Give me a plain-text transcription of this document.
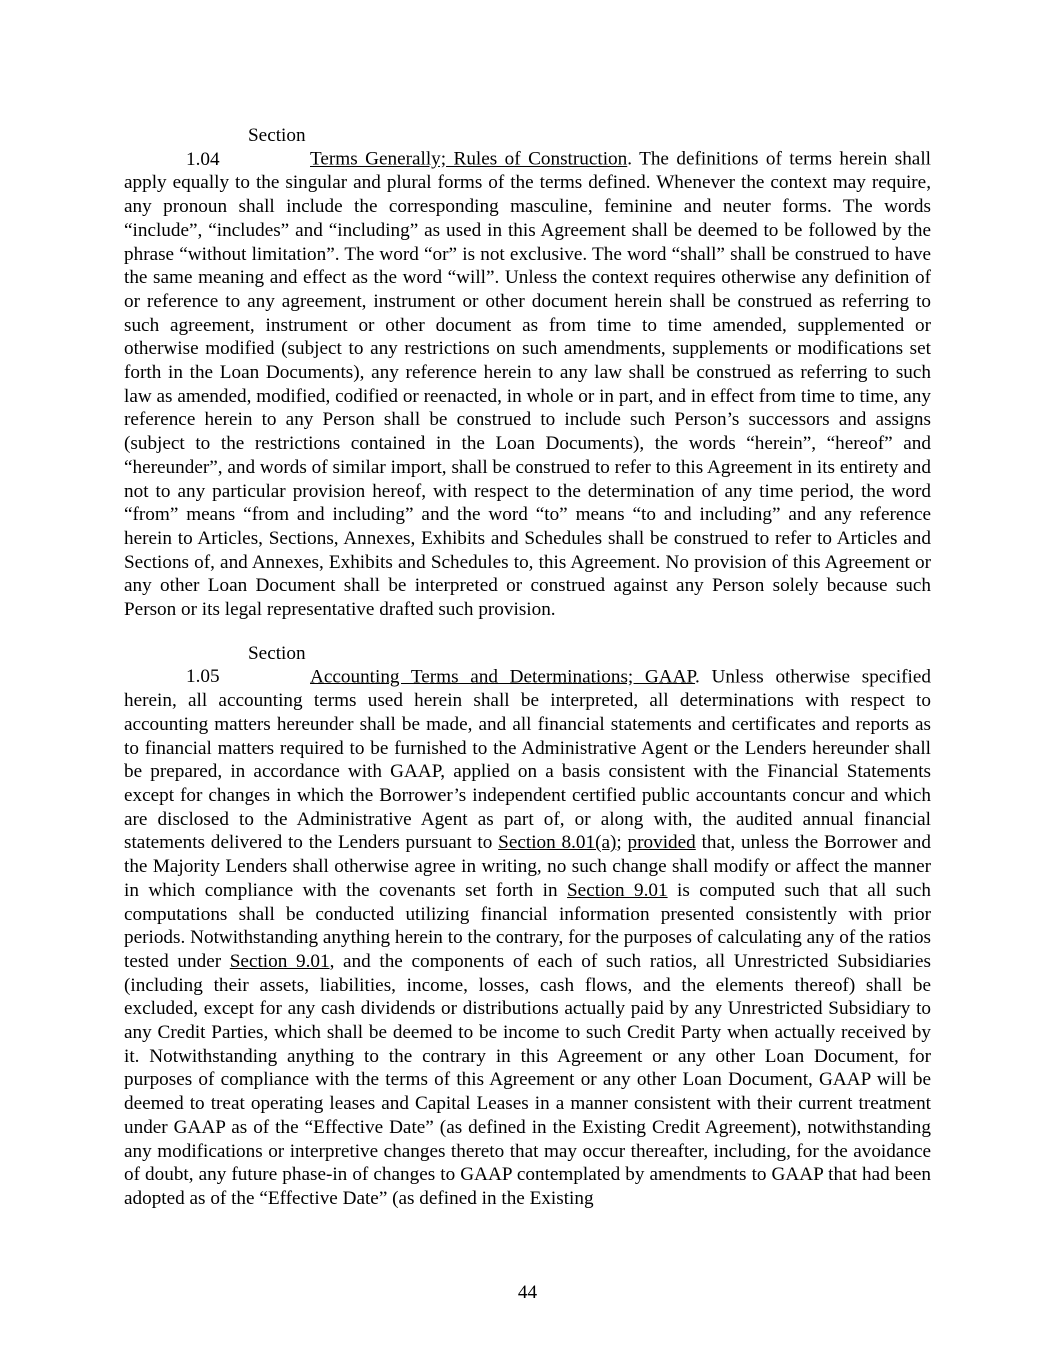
Section 1.04	Terms Generally; Rules of Construction. The definitions of terms herein shall apply equally to the singular and plural forms of the terms defined. Whenever the context may require, any pronoun shall include the corresponding masculine, feminine and neuter forms. The words “include”, “includes” and “including” as used in this Agreement shall be deemed to be followed by the phrase “without limitation”. The word “or” is not exclusive. The word “shall” shall be construed to have the same meaning and effect as the word “will”. Unless the context requires otherwise any definition of or reference to any agreement, instrument or other document herein shall be construed as referring to such agreement, instrument or other document as from time to time amended, supplemented or otherwise modified (subject to any restrictions on such amendments, supplements or modifications set forth in the Loan Documents), any reference herein to any law shall be construed as referring to such law as amended, modified, codified or reenacted, in whole or in part, and in effect from time to time, any reference herein to any Person shall be construed to include such Person’s successors and assigns (subject to the restrictions contained in the Loan Documents), the words “herein”, “hereof” and “hereunder”, and words of similar import, shall be construed to refer to this Agreement in its entirety and not to any particular provision hereof, with respect to the determination of any time period, the word “from” means “from and including” and the word “to” means “to and including” and any reference herein to Articles, Sections, Annexes, Exhibits and Schedules shall be construed to refer to Articles and Sections of, and Annexes, Exhibits and Schedules to, this Agreement. No provision of this Agreement or any other Loan Document shall be interpreted or construed against any Person solely because such Person or its legal representative drafted such provision.

Section 1.05	Accounting Terms and Determinations; GAAP. Unless otherwise specified herein, all accounting terms used herein shall be interpreted, all determinations with respect to accounting matters hereunder shall be made, and all financial statements and certificates and reports as to financial matters required to be furnished to the Administrative Agent or the Lenders hereunder shall be prepared, in accordance with GAAP, applied on a basis consistent with the Financial Statements except for changes in which the Borrower’s independent certified public accountants concur and which are disclosed to the Administrative Agent as part of, or along with, the audited annual financial statements delivered to the Lenders pursuant to Section 8.01(a); provided that, unless the Borrower and the Majority Lenders shall otherwise agree in writing, no such change shall modify or affect the manner in which compliance with the covenants set forth in Section 9.01 is computed such that all such computations shall be conducted utilizing financial information presented consistently with prior periods. Notwithstanding anything herein to the contrary, for the purposes of calculating any of the ratios tested under Section 9.01, and the components of each of such ratios, all Unrestricted Subsidiaries (including their assets, liabilities, income, losses, cash flows, and the elements thereof) shall be excluded, except for any cash dividends or distributions actually paid by any Unrestricted Subsidiary to any Credit Parties, which shall be deemed to be income to such Credit Party when actually received by it. Notwithstanding anything to the contrary in this Agreement or any other Loan Document, for purposes of compliance with the terms of this Agreement or any other Loan Document, GAAP will be deemed to treat operating leases and Capital Leases in a manner consistent with their current treatment under GAAP as of the “Effective Date” (as defined in the Existing Credit Agreement), notwithstanding any modifications or interpretive changes thereto that may occur thereafter, including, for the avoidance of doubt, any future phase-in of changes to GAAP contemplated by amendments to GAAP that had been adopted as of the “Effective Date” (as defined in the Existing

44
